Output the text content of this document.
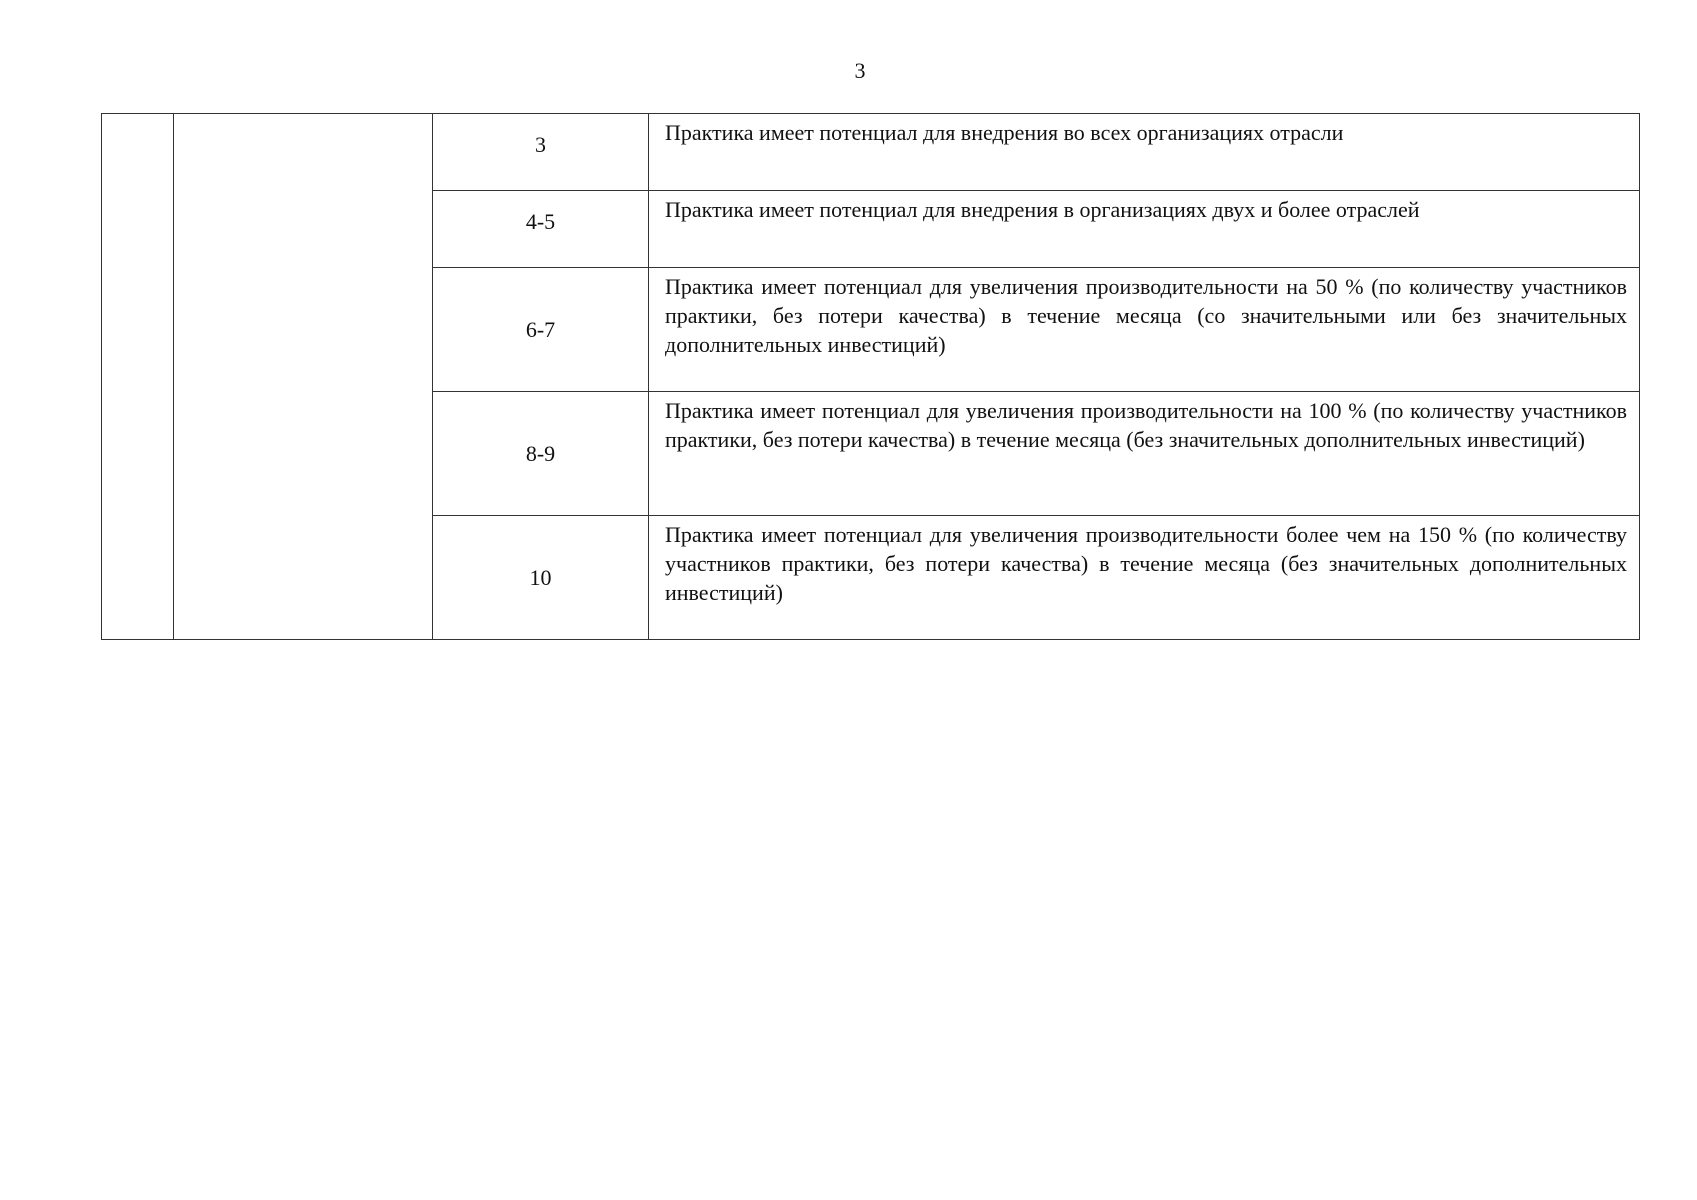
3
		3	Практика имеет потенциал для внедрения во всех организациях отрасли
		4-5	Практика имеет потенциал для внедрения в организациях двух и более отраслей
		6-7	Практика имеет потенциал для увеличения производительности на 50 % (по количеству участников практики, без потери качества) в течение месяца (со значительными или без значительных дополнительных инвестиций)
		8-9	Практика имеет потенциал для увеличения производительности на 100 % (по количеству участников практики, без потери качества) в течение месяца (без значительных дополнительных инвестиций)
		10	Практика имеет потенциал для увеличения производительности более чем на 150 % (по количеству участников практики, без потери качества) в течение месяца (без значительных дополнительных инвестиций)
